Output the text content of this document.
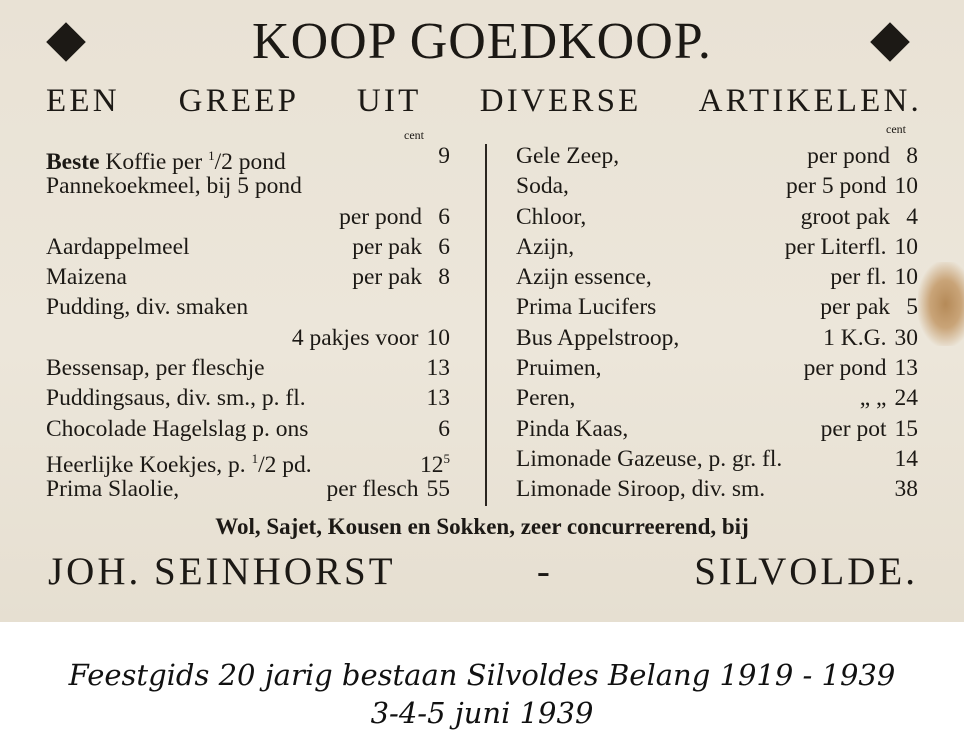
KOOP GOEDKOOP.
EEN GREEP UIT DIVERSE ARTIKELEN.
cent	cent
Beste Koffie per $^1$/2 pond	9
Pannekoekmeel, bij 5 pond
per pond 6
Aardappelmeel	per pak 6
Maizena	per pak 8
Pudding, div. smaken
4 pakjes voor 10
Bessensap, per fleschje	13
Puddingsaus, div. sm., p. fl.	13
Chocolade Hagelslag p. ons	6
Heerlijke Koekjes, p. $^1$/2 pd.	$12^5$
Prima Slaolie,	per flesch 55
Gele Zeep,	per pond 8
Soda,	per 5 pond 10
Chloor,	groot pak 4
Azijn,	per Literfl. 10
Azijn essence,	per fl. 10
Prima Lucifers	per pak 5
Bus Appelstroop,	1 K.G. 30
Pruimen,	per pond 13
Peren,	„ „ 24
Pinda Kaas,	per pot 15
Limonade Gazeuse, p. gr. fl.	14
Limonade Siroop, div. sm.	38
Wol, Sajet, Kousen en Sokken, zeer concurreerend, bij
JOH. SEINHORST	-	SILVOLDE.
Feestgids 20 jarig bestaan Silvoldes Belang 1919 - 1939
3-4-5 juni 1939
